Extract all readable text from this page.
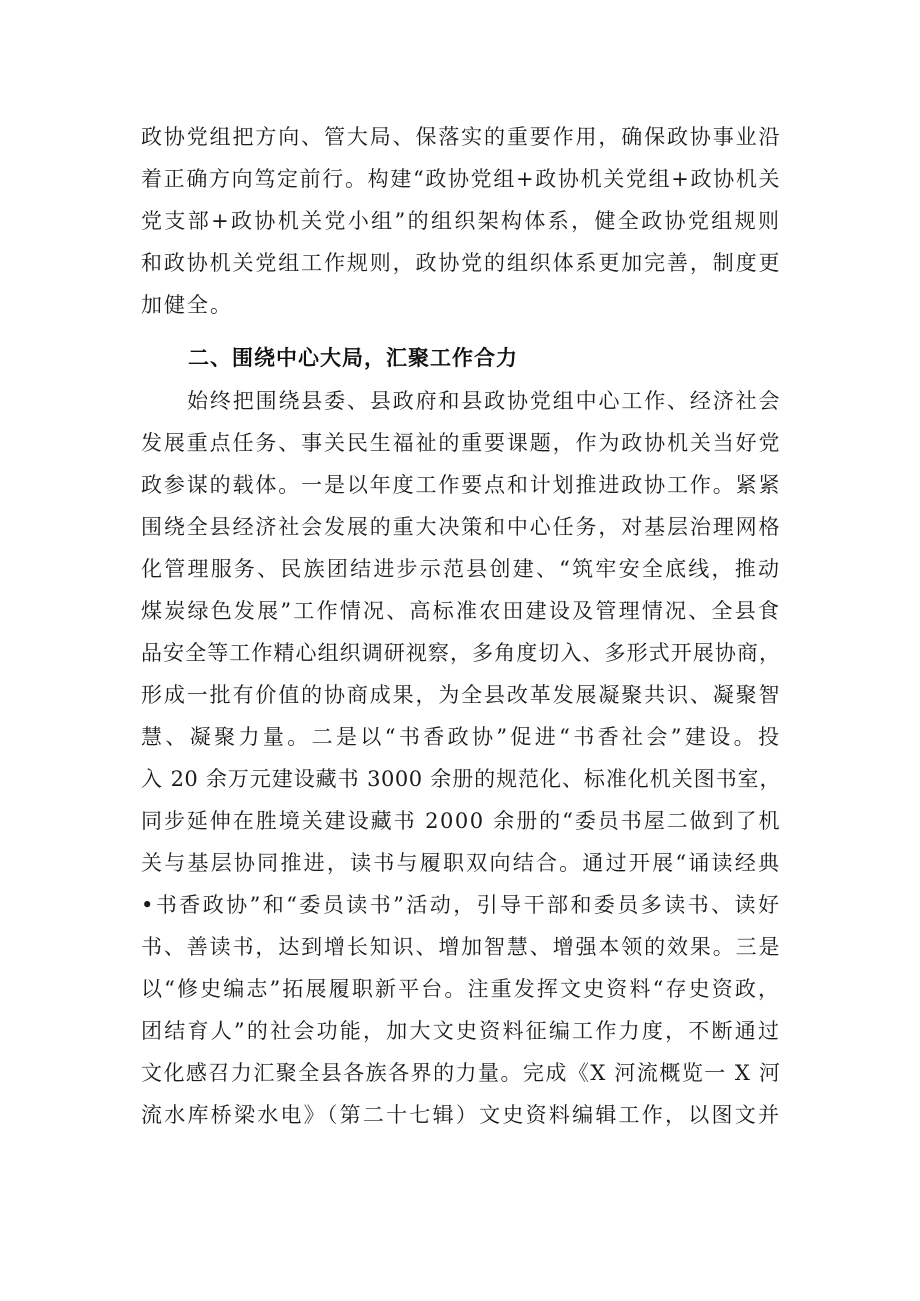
政协党组把方向、管大局、保落实的重要作用，确保政协事业沿
着正确方向笃定前行。构建“政协党组+政协机关党组+政协机关
党支部+政协机关党小组”的组织架构体系，健全政协党组规则
和政协机关党组工作规则，政协党的组织体系更加完善，制度更
加健全。
二、围绕中心大局，汇聚工作合力
始终把围绕县委、县政府和县政协党组中心工作、经济社会
发展重点任务、事关民生福祉的重要课题，作为政协机关当好党
政参谋的载体。一是以年度工作要点和计划推进政协工作。紧紧
围绕全县经济社会发展的重大决策和中心任务，对基层治理网格
化管理服务、民族团结进步示范县创建、“筑牢安全底线，推动
煤炭绿色发展”工作情况、高标准农田建设及管理情况、全县食
品安全等工作精心组织调研视察，多角度切入、多形式开展协商，
形成一批有价值的协商成果，为全县改革发展凝聚共识、凝聚智
慧、凝聚力量。二是以“书香政协”促进“书香社会”建设。投
入 20 余万元建设藏书 3000 余册的规范化、标准化机关图书室，
同步延伸在胜境关建设藏书 2000 余册的“委员书屋二做到了机
关与基层协同推进，读书与履职双向结合。通过开展“诵读经典
•书香政协”和“委员读书”活动，引导干部和委员多读书、读好
书、善读书，达到增长知识、增加智慧、增强本领的效果。三是
以“修史编志”拓展履职新平台。注重发挥文史资料“存史资政，
团结育人”的社会功能，加大文史资料征编工作力度，不断通过
文化感召力汇聚全县各族各界的力量。完成《X 河流概览一 X 河
流水库桥梁水电》（第二十七辑）文史资料编辑工作，以图文并
